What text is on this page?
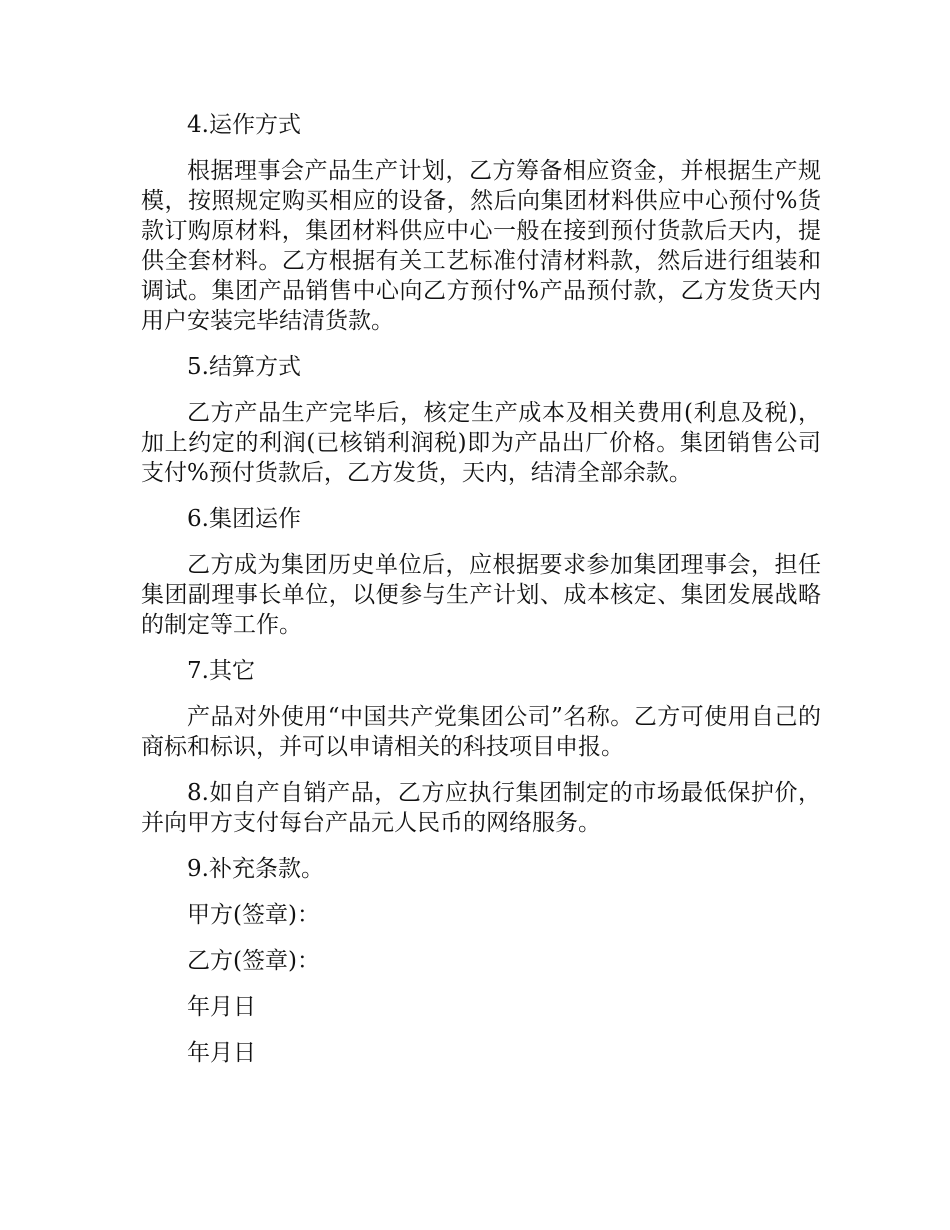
4.运作方式
根据理事会产品生产计划，乙方筹备相应资金，并根据生产规模，按照规定购买相应的设备，然后向集团材料供应中心预付%货款订购原材料，集团材料供应中心一般在接到预付货款后天内，提供全套材料。乙方根据有关工艺标准付清材料款，然后进行组装和调试。集团产品销售中心向乙方预付%产品预付款，乙方发货天内用户安装完毕结清货款。
5.结算方式
乙方产品生产完毕后，核定生产成本及相关费用(利息及税)，加上约定的利润(已核销利润税)即为产品出厂价格。集团销售公司支付%预付货款后，乙方发货，天内，结清全部余款。
6.集团运作
乙方成为集团历史单位后，应根据要求参加集团理事会，担任集团副理事长单位，以便参与生产计划、成本核定、集团发展战略的制定等工作。
7.其它
产品对外使用“中国共产党集团公司”名称。乙方可使用自己的商标和标识，并可以申请相关的科技项目申报。
8.如自产自销产品，乙方应执行集团制定的市场最低保护价，并向甲方支付每台产品元人民币的网络服务。
9.补充条款。
甲方(签章)：
乙方(签章)：
年月日
年月日
